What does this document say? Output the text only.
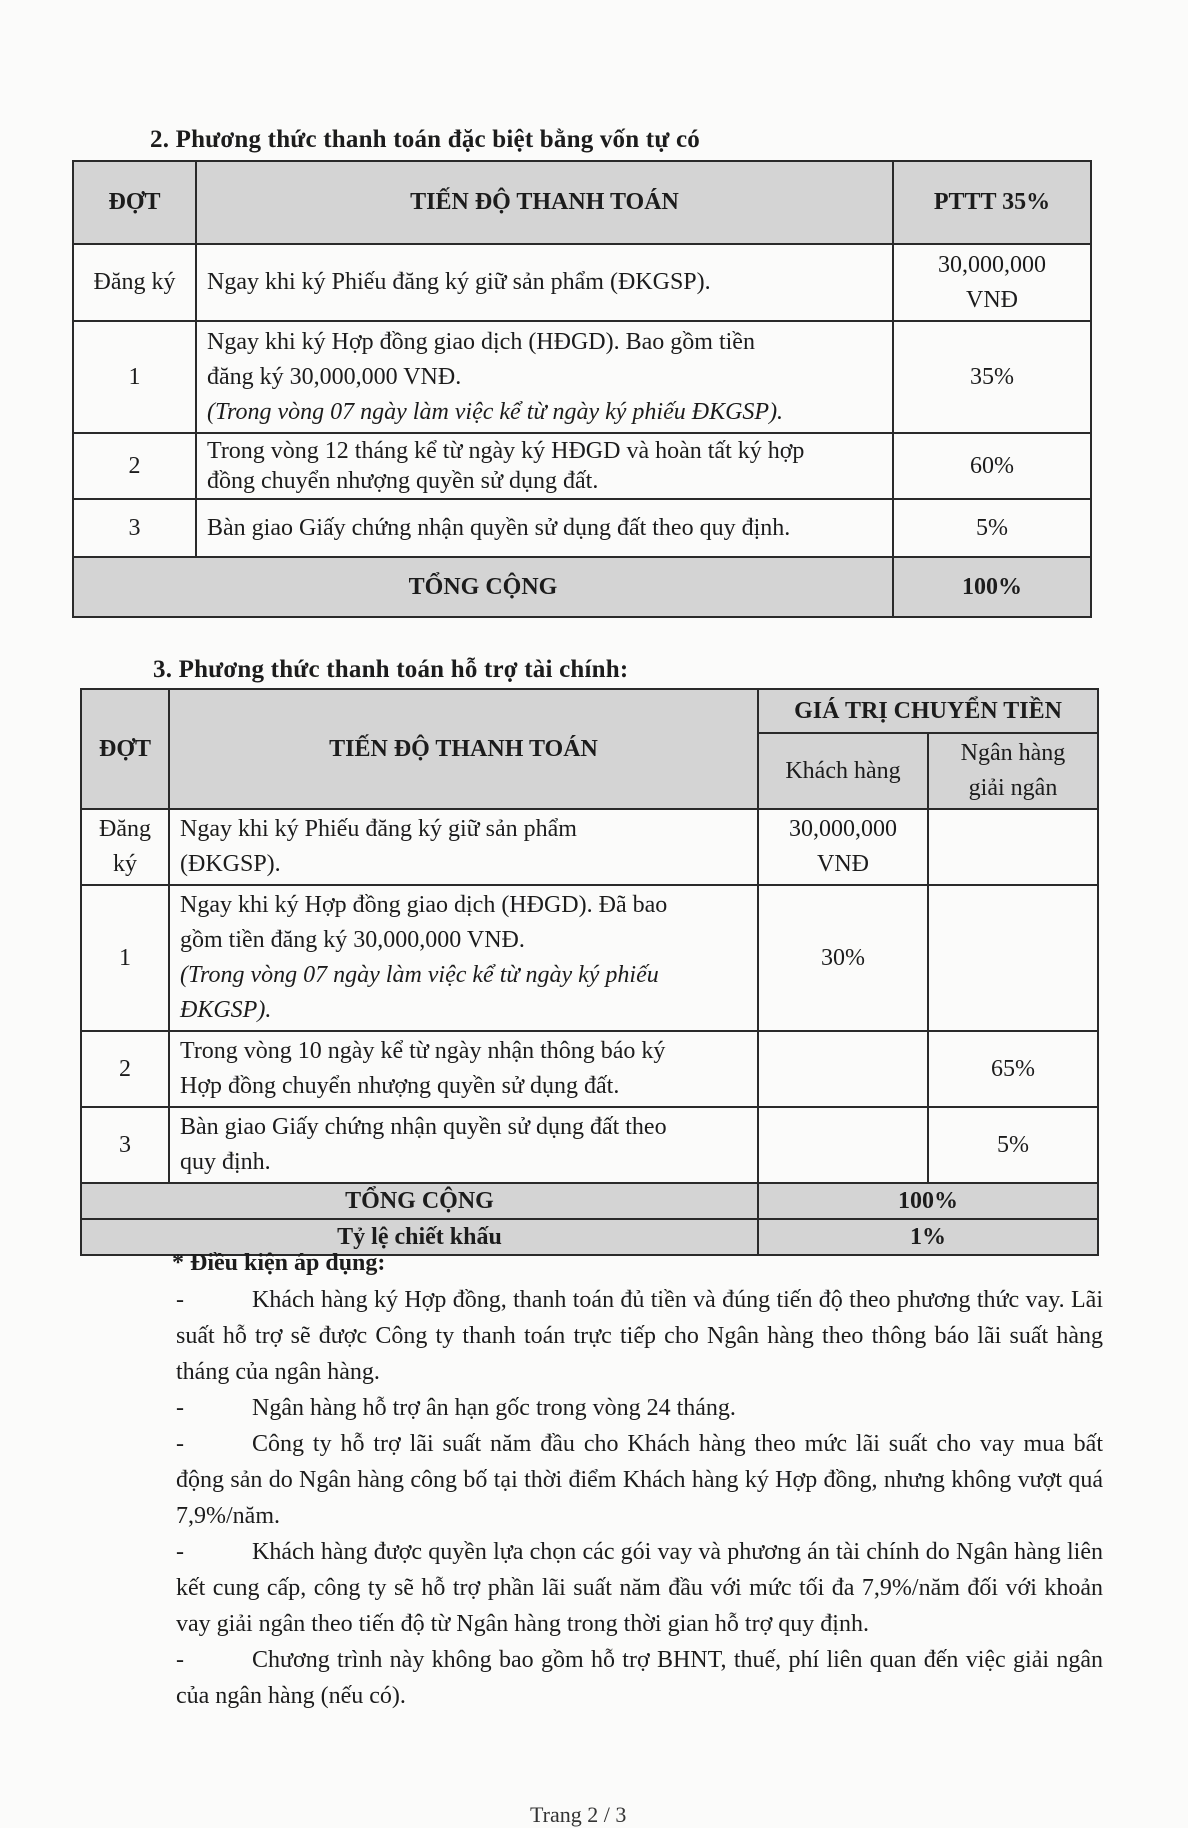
2. Phương thức thanh toán đặc biệt bằng vốn tự có
ĐỢT	TIẾN ĐỘ THANH TOÁN	PTTT 35%
Đăng ký	Ngay khi ký Phiếu đăng ký giữ sản phẩm (ĐKGSP).	30,000,000
VNĐ

1	Ngay khi ký Hợp đồng giao dịch (HĐGD). Bao gồm tiền
đăng ký 30,000,000 VNĐ.
(Trong vòng 07 ngày làm việc kể từ ngày ký phiếu ĐKGSP).	35%
2	Trong vòng 12 tháng kể từ ngày ký HĐGD và hoàn tất ký hợp
đồng chuyển nhượng quyền sử dụng đất.	60%
3	Bàn giao Giấy chứng nhận quyền sử dụng đất theo quy định.	5%
TỔNG CỘNG		100%
3. Phương thức thanh toán hỗ trợ tài chính:
ĐỢT	TIẾN ĐỘ THANH TOÁN	GIÁ TRỊ CHUYỂN TIỀN	
		Khách hàng	Ngân hàng
giải ngân

Đăng
ký	Ngay khi ký Phiếu đăng ký giữ sản phẩm
(ĐKGSP).	30,000,000
VNĐ	

1	Ngay khi ký Hợp đồng giao dịch (HĐGD). Đã bao
gồm tiền đăng ký 30,000,000 VNĐ.
(Trong vòng 07 ngày làm việc kể từ ngày ký phiếu
ĐKGSP).	30%	
2	Trong vòng 10 ngày kể từ ngày nhận thông báo ký
Hợp đồng chuyển nhượng quyền sử dụng đất.		65%
3	Bàn giao Giấy chứng nhận quyền sử dụng đất theo
quy định.		5%
TỔNG CỘNG		100%	
Tỷ lệ chiết khấu		1%	
* Điều kiện áp dụng:

-	Khách hàng ký Hợp đồng, thanh toán đủ tiền và đúng tiến độ theo phương thức vay. Lãi suất hỗ trợ sẽ được Công ty thanh toán trực tiếp cho Ngân hàng theo thông báo lãi suất hàng tháng của ngân hàng.

-	Ngân hàng hỗ trợ ân hạn gốc trong vòng 24 tháng.

-	Công ty hỗ trợ lãi suất năm đầu cho Khách hàng theo mức lãi suất cho vay mua bất động sản do Ngân hàng công bố tại thời điểm Khách hàng ký Hợp đồng, nhưng không vượt quá 7,9%/năm.

-	Khách hàng được quyền lựa chọn các gói vay và phương án tài chính do Ngân hàng liên kết cung cấp, công ty sẽ hỗ trợ phần lãi suất năm đầu với mức tối đa 7,9%/năm đối với khoản vay giải ngân theo tiến độ từ Ngân hàng trong thời gian hỗ trợ quy định.

-	Chương trình này không bao gồm hỗ trợ BHNT, thuế, phí liên quan đến việc giải ngân của ngân hàng (nếu có).

Trang 2 / 3
